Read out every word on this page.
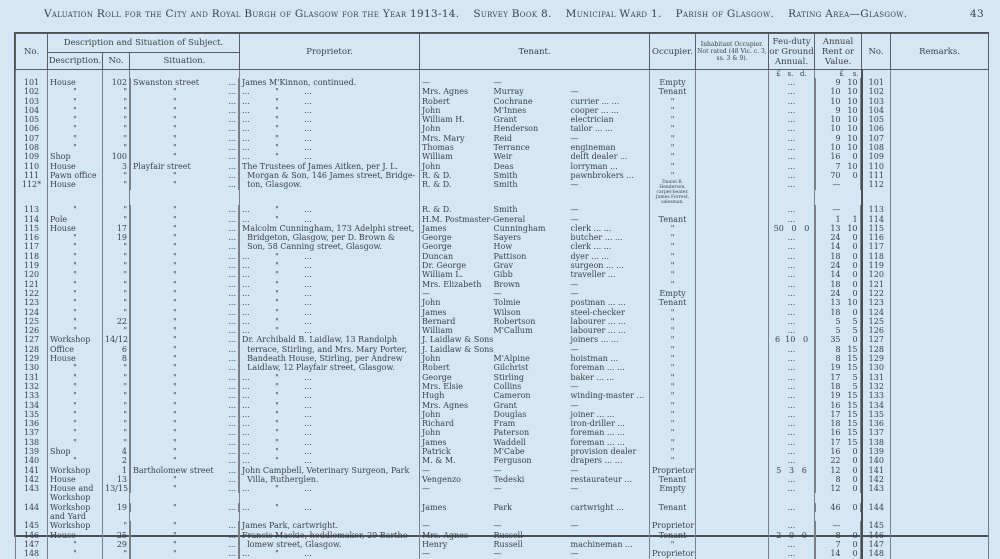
Valuation Roll for the City and Royal Burgh of Glasgow for the Year 1913-14. Survey Book 8. Municipal Ward 1. Parish of Glasgow. Rating Area—Glasgow.	43
No.	Description and Situation of Subject.			Proprietor.	Tenant.			Occupier.	Inhabitant Occupier. Not rated (48 Vic. c. 3, ss. 3 & 9).	Feu-duty or Ground Annual.	Annual Rent or Value.	No.	Remarks.
	Description.	No.	Situation.										
										£   s.   d.	£    s.		
101	House	102	Swanston street	... James M'Kinnon, continued.	—	—		Empty		...		9 10 101	
102	"	"		"	... ...          "          ...	Mrs. Agnes	Murray	—	Tenant		...		10 10 102	
103	"	"		"	... ...          "          ...	Robert	Cochrane	currier ... ...	"		...		10 10 103	
104	"	"		"	... ...          "          ...	John	M'Innes	cooper ... ...	"		...		9 10 104	
105	"	"		"	... ...          "          ...	William H.	Grant	electrician	"		...		10 10 105	
106	"	"		"	... ...          "          ...	John	Henderson	tailor ... ...	"		...		10 10 106	
107	"	"		"	... ...          "          ...	Mrs. Mary	Reid	—	"		...		9 10 107	
108	"	"		"	... ...          "          ...	Thomas	Terrance	engineman	"		...		10 10 108	
109	Shop	100		"	... ...          "          ...	William	Weir	delft dealer ...	"		...		16	0 109	
110	House	3	Playfair street	... The Trustees of James Aitken, per J. L.	John	Deas	lorryman ...	"		...		7 10 110	
111	Pawn office	"		"	... Morgan & Son, 146 James street, Bridge-	R. & D.	Smith	pawnbrokers ...	"		...		70	0 111	
112*	House	"		"	... ton, Glasgow.	R. & D.	Smith	—	Daniel B. Henderson, carpet-beater, James Forrest, salesman.		...		—	112	
113	"	"		"	... ...          "          ...	R. & D.	Smith	—			...		—	113	
114	Pole	"		"	... ...          "          ...	H.M. Postmaster-General		—	Tenant		...		1	1 114	
115	House	17		"	... Malcolm Cunningham, 173 Adelphi street,	James	Cunningham	clerk ... ...	"		50   0   0		13 10 115	
116	"	19		"	... Bridgeton, Glasgow, per D. Brown &	George	Sayers	butcher ... ...	"		...		24	0 116	
117	"	"		"	... Son, 58 Canning street, Glasgow.	George	How	clerk ... ...	"		...		14	0 117	
118	"	"		"	... ...          "          ...	Duncan	Pattison	dyer ... ...	"		...		18	0 118	
119	"	"		"	... ...          "          ...	Dr. George	Grav	surgeon ... ...	"		...		24	0 119	
120	"	"		"	... ...          "          ...	William L.	Gibb	traveller ...	"		...		14	0 120	
121	"	"		"	... ...          "          ...	Mrs. Elizabeth	Brown	—	"		...		18	0 121	
122	"	"		"	... ...          "          ...	—	—	—	Empty		...		24	0 122	
123	"	"		"	... ...          "          ...	John	Tolmie	postman ... ...	Tenant		...		13 10 123	
124	"	"		"	... ...          "          ...	James	Wilson	steel-checker	"		...		18	0 124	
125	"	22		"	... ...          "          ...	Bernard	Robertson	labourer ... ...	"		...		5	5 125	
126	"	"		"	... ...          "          ...	William	M'Callum	labourer ... ...	"		...		5	5 126	
127	Workshop	14/12		"	... Dr. Archibald B. Laidlaw, 13 Randolph	J. Laidlaw & Sons		joiners ... ...	"		6  10   0		35	0 127	
128	Office	6		"	... terrace, Stirling, and Mrs. Mary Porter,	J. Laidlaw & Sons		—	"		...		8 15 128	
129	House	8		"	... Bandeath House, Stirling, per Andrew	John	M'Alpine	hoistman ...	"		...		8 15 129	
130	"	"		"	... Laidlaw, 12 Playfair street, Glasgow.	Robert	Gilchrist	foreman ... ...	"		...		19 15 130	
131	"	"		"	... ...          "          ...	George	Stirling	baker ... ...	"		...		17	5 131	
132	"	"		"	... ...          "          ...	Mrs. Elsie	Collins	—	"		...		18	5 132	
133	"	"		"	... ...          "          ...	Hugh	Cameron	winding-master ...	"		...		19 15 133	
134	"	"		"	... ...          "          ...	Mrs. Agnes	Grant	—	"		...		16 15 134	
135	"	"		"	... ...          "          ...	John	Douglas	joiner ... ...	"		...		17 15 135	
136	"	"		"	... ...          "          ...	Richard	Fram	iron-driller ...	"		...		18 15 136	
137	"	"		"	... ...          "          ...	John	Paterson	foreman ... ...	"		...		16 15 137	
138	"	"		"	... ...          "          ...	James	Waddell	foreman ... ...	"		...		17 15 138	
139	Shop	4		"	... ...          "          ...	Patrick	M'Cabe	provision dealer	"		...		16	0 139	
140	"	2		"	... ...          "          ...	M. & M.	Ferguson	drapers ... ...	"		...		22	0 140	
141	Workshop	1	Bartholomew street ... John Campbell, Veterinary Surgeon, Park	—	—	—	Proprietor		5   3   6		12	0 141	
142	House	13		"	... Villa, Rutherglen.	Vengenzo	Tedeski	restaurateur ...	Tenant		...		8	0 142	
143	House and Workshop	13/15		"	... ...          "          ...	—	—	—	Empty		...		12	0 143	
144	Workshop and Yard	19		"	... ...          "          ...	James	Park	cartwright ...	Tenant		...		46	0 144	
145	Workshop	"		"	... James Park, cartwright.	—	—	—	Proprietor		...		—	145	
146	House	25		"	... Francis Mackie, heddlemaker, 29 Bartho-	Mrs. Agnes	Russell	—	Tenant		2   0   0		8	0 146	
147	"	29		"	... lomew street, Glasgow.	Henry	Russell	machineman ...	"		...		7	0 147	
148	"	"		"	... ...          "          ...	—	—	—	Proprietor		...		14	0 148	
